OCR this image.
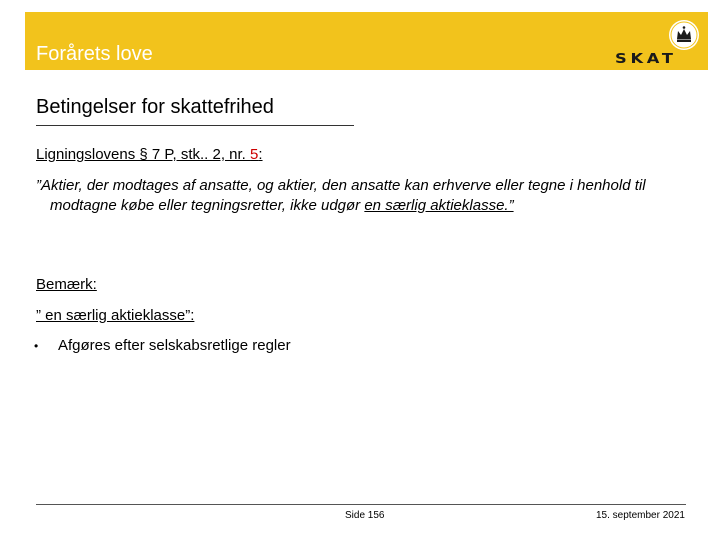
Forårets love	SKAT
Betingelser for skattefrihed
Ligningslovens § 7 P, stk.. 2, nr. 5:
”Aktier, der modtages af ansatte, og aktier, den ansatte kan erhverve eller tegne i henhold til modtagne købe eller tegningsretter, ikke udgør en særlig aktieklasse.”
Bemærk:
” en særlig aktieklasse”:
• Afgøres efter selskabsretlige regler
Side 156	15. september 2021
